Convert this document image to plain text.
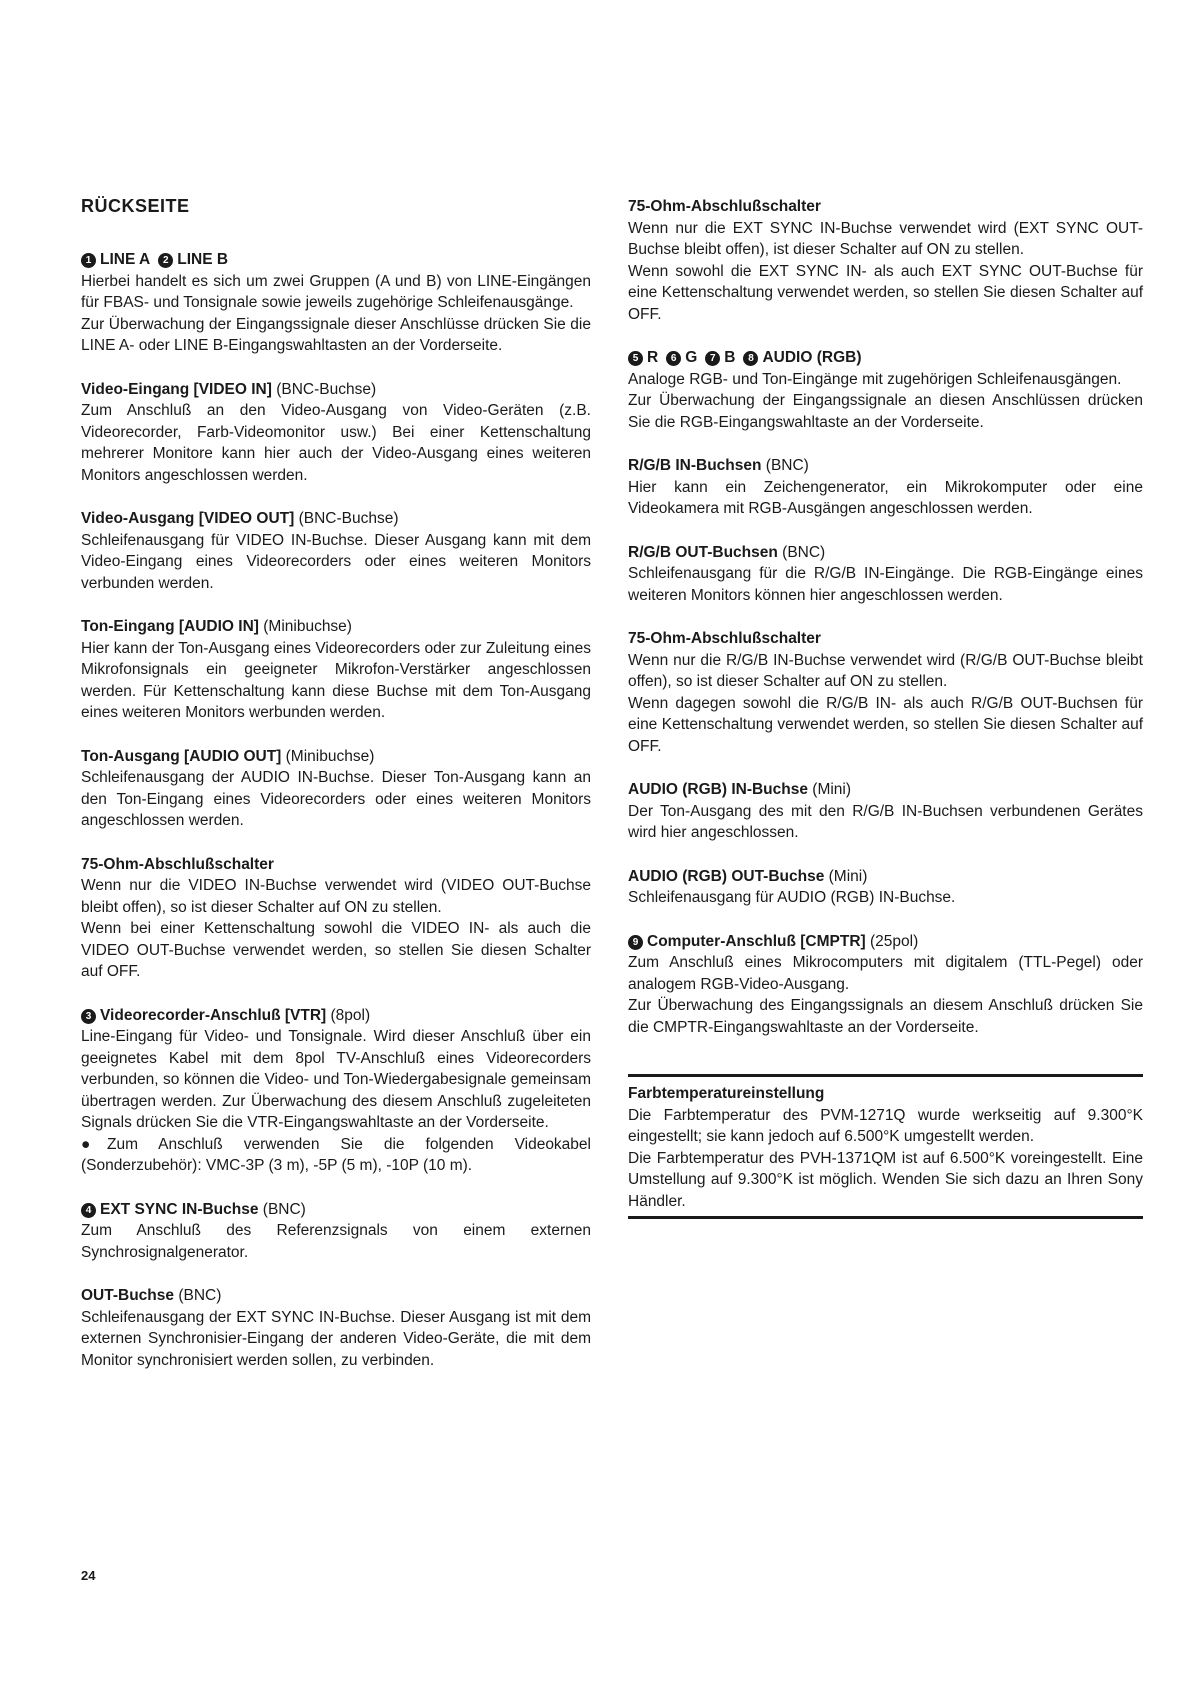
RÜCKSEITE

1 LINE A 2 LINE B

Hierbei handelt es sich um zwei Gruppen (A und B) von LINE-Eingängen für FBAS- und Tonsignale sowie jeweils zugehörige Schleifenausgänge.

Zur Überwachung der Eingangssignale dieser Anschlüsse drücken Sie die LINE A- oder LINE B-Eingangswahltasten an der Vorderseite.

Video-Eingang [VIDEO IN] (BNC-Buchse)

Zum Anschluß an den Video-Ausgang von Video-Geräten (z.B. Videorecorder, Farb-Videomonitor usw.) Bei einer Kettenschaltung mehrerer Monitore kann hier auch der Video-Ausgang eines weiteren Monitors angeschlossen werden.

Video-Ausgang [VIDEO OUT] (BNC-Buchse)

Schleifenausgang für VIDEO IN-Buchse. Dieser Ausgang kann mit dem Video-Eingang eines Videorecorders oder eines weiteren Monitors verbunden werden.

Ton-Eingang [AUDIO IN] (Minibuchse)

Hier kann der Ton-Ausgang eines Videorecorders oder zur Zuleitung eines Mikrofonsignals ein geeigneter Mikrofon-Verstärker angeschlossen werden. Für Kettenschaltung kann diese Buchse mit dem Ton-Ausgang eines weiteren Monitors werbunden werden.

Ton-Ausgang [AUDIO OUT] (Minibuchse)

Schleifenausgang der AUDIO IN-Buchse. Dieser Ton-Ausgang kann an den Ton-Eingang eines Videorecorders oder eines weiteren Monitors angeschlossen werden.

75-Ohm-Abschlußschalter

Wenn nur die VIDEO IN-Buchse verwendet wird (VIDEO OUT-Buchse bleibt offen), so ist dieser Schalter auf ON zu stellen.

Wenn bei einer Kettenschaltung sowohl die VIDEO IN- als auch die VIDEO OUT-Buchse verwendet werden, so stellen Sie diesen Schalter auf OFF.

3 Videorecorder-Anschluß [VTR] (8pol)

Line-Eingang für Video- und Tonsignale. Wird dieser Anschluß über ein geeignetes Kabel mit dem 8pol TV-Anschluß eines Videorecorders verbunden, so können die Video- und Ton-Wiedergabesignale gemeinsam übertragen werden. Zur Überwachung des diesem Anschluß zugeleiteten Signals drücken Sie die VTR-Eingangswahltaste an der Vorderseite.

●Zum Anschluß verwenden Sie die folgenden Videokabel (Sonderzubehör): VMC-3P (3 m), -5P (5 m), -10P (10 m).

4 EXT SYNC IN-Buchse (BNC)

Zum Anschluß des Referenzsignals von einem externen Synchrosignalgenerator.

OUT-Buchse (BNC)

Schleifenausgang der EXT SYNC IN-Buchse. Dieser Ausgang ist mit dem externen Synchronisier-Eingang der anderen Video-Geräte, die mit dem Monitor synchronisiert werden sollen, zu verbinden.

75-Ohm-Abschlußschalter

Wenn nur die EXT SYNC IN-Buchse verwendet wird (EXT SYNC OUT-Buchse bleibt offen), ist dieser Schalter auf ON zu stellen.

Wenn sowohl die EXT SYNC IN- als auch EXT SYNC OUT-Buchse für eine Kettenschaltung verwendet werden, so stellen Sie diesen Schalter auf OFF.

5 R 6 G 7 B 8 AUDIO (RGB)

Analoge RGB- und Ton-Eingänge mit zugehörigen Schleifenausgängen.

Zur Überwachung der Eingangssignale an diesen Anschlüssen drücken Sie die RGB-Eingangswahltaste an der Vorderseite.

R/G/B IN-Buchsen (BNC)

Hier kann ein Zeichengenerator, ein Mikrokomputer oder eine Videokamera mit RGB-Ausgängen angeschlossen werden.

R/G/B OUT-Buchsen (BNC)

Schleifenausgang für die R/G/B IN-Eingänge. Die RGB-Eingänge eines weiteren Monitors können hier angeschlossen werden.

75-Ohm-Abschlußschalter

Wenn nur die R/G/B IN-Buchse verwendet wird (R/G/B OUT-Buchse bleibt offen), so ist dieser Schalter auf ON zu stellen.

Wenn dagegen sowohl die R/G/B IN- als auch R/G/B OUT-Buchsen für eine Kettenschaltung verwendet werden, so stellen Sie diesen Schalter auf OFF.

AUDIO (RGB) IN-Buchse (Mini)

Der Ton-Ausgang des mit den R/G/B IN-Buchsen verbundenen Gerätes wird hier angeschlossen.

AUDIO (RGB) OUT-Buchse (Mini)

Schleifenausgang für AUDIO (RGB) IN-Buchse.

9 Computer-Anschluß [CMPTR] (25pol)

Zum Anschluß eines Mikrocomputers mit digitalem (TTL-Pegel) oder analogem RGB-Video-Ausgang.

Zur Überwachung des Eingangssignals an diesem Anschluß drücken Sie die CMPTR-Eingangswahltaste an der Vorderseite.

Farbtemperatureinstellung

Die Farbtemperatur des PVM-1271Q wurde werkseitig auf 9.300°K eingestellt; sie kann jedoch auf 6.500°K umgestellt werden.

Die Farbtemperatur des PVH-1371QM ist auf 6.500°K voreingestellt. Eine Umstellung auf 9.300°K ist möglich. Wenden Sie sich dazu an Ihren Sony Händler.

24
